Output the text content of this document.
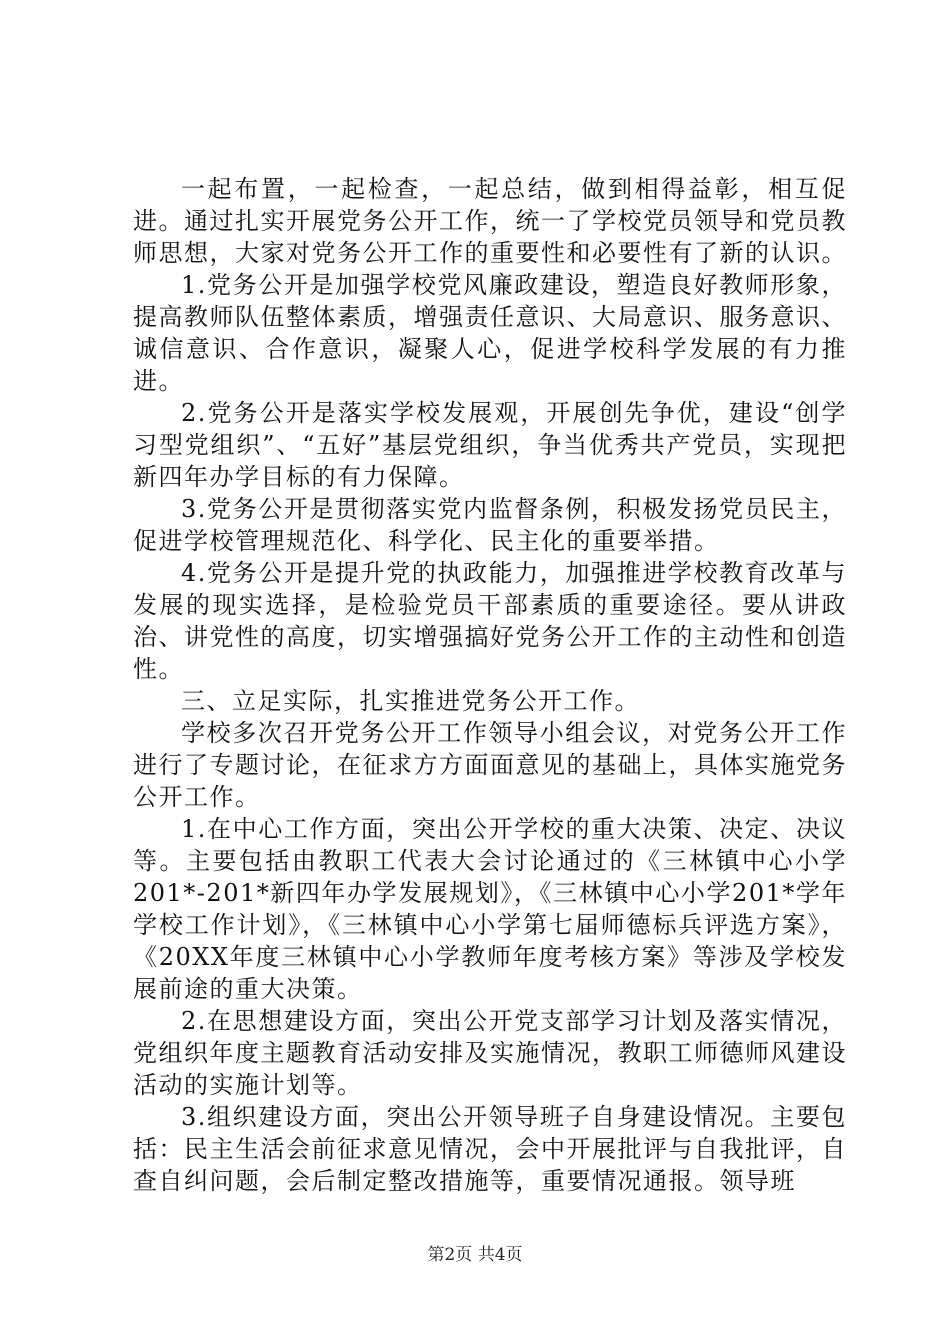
一起布置，一起检查，一起总结，做到相得益彰，相互促进。通过扎实开展党务公开工作，统一了学校党员领导和党员教师思想，大家对党务公开工作的重要性和必要性有了新的认识。

1.党务公开是加强学校党风廉政建设，塑造良好教师形象，提高教师队伍整体素质，增强责任意识、大局意识、服务意识、诚信意识、合作意识，凝聚人心，促进学校科学发展的有力推进。

2.党务公开是落实学校发展观，开展创先争优，建设“创学习型党组织”、“五好”基层党组织，争当优秀共产党员，实现把新四年办学目标的有力保障。

3.党务公开是贯彻落实党内监督条例，积极发扬党员民主，促进学校管理规范化、科学化、民主化的重要举措。

4.党务公开是提升党的执政能力，加强推进学校教育改革与发展的现实选择，是检验党员干部素质的重要途径。要从讲政治、讲党性的高度，切实增强搞好党务公开工作的主动性和创造性。

三、立足实际，扎实推进党务公开工作。

学校多次召开党务公开工作领导小组会议，对党务公开工作进行了专题讨论，在征求方方面面意见的基础上，具体实施党务公开工作。

1.在中心工作方面，突出公开学校的重大决策、决定、决议等。主要包括由教职工代表大会讨论通过的《三林镇中心小学201*-201*新四年办学发展规划》，《三林镇中心小学201*学年学校工作计划》，《三林镇中心小学第七届师德标兵评选方案》，《20XX年度三林镇中心小学教师年度考核方案》等涉及学校发展前途的重大决策。

2.在思想建设方面，突出公开党支部学习计划及落实情况，党组织年度主题教育活动安排及实施情况，教职工师德师风建设活动的实施计划等。

3.组织建设方面，突出公开领导班子自身建设情况。主要包括：民主生活会前征求意见情况，会中开展批评与自我批评，自查自纠问题，会后制定整改措施等，重要情况通报。领导班

第2页 共4页
